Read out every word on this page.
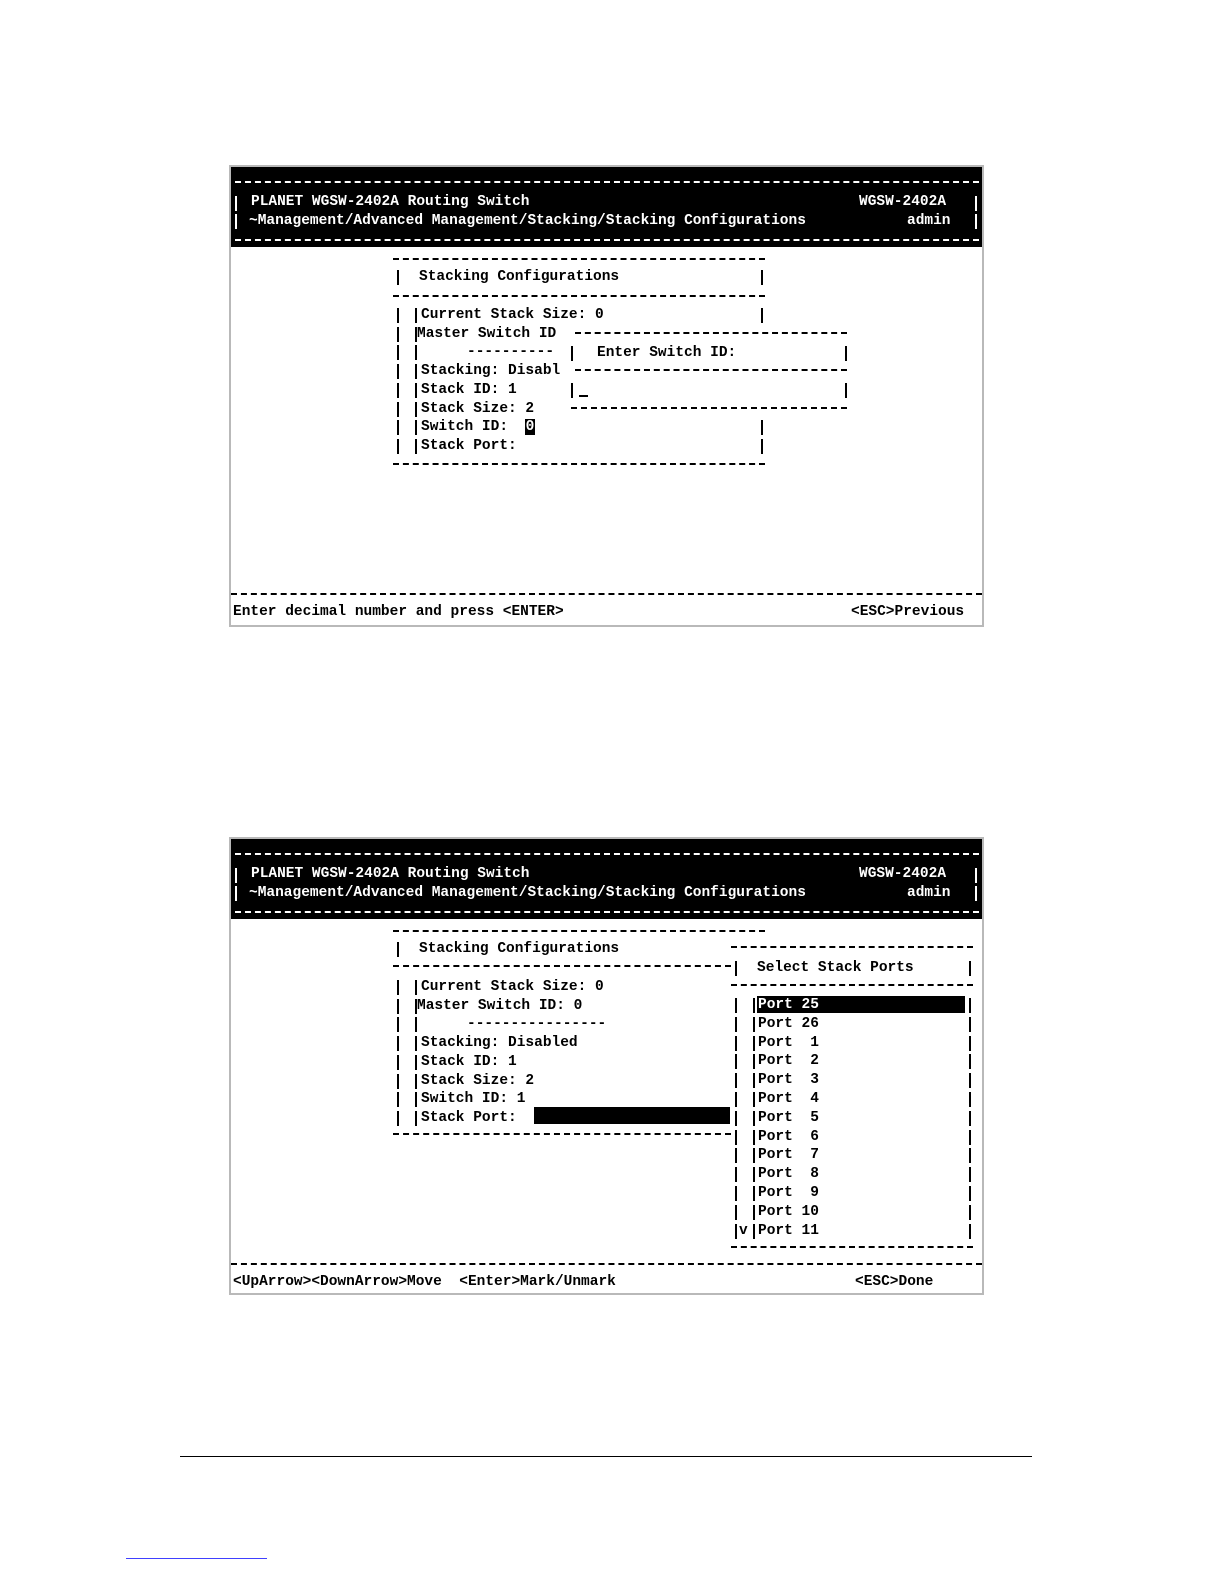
PLANET WGSW-2402A Routing Switch	WGSW-2402A
~Management/Advanced Management/Stacking/Stacking Configurations	admin
Stacking Configurations
Current Stack Size: 0
Master Switch ID
----------
Stacking: Disabl
Stack ID: 1
Stack Size: 2
Switch ID: 0
Stack Port:
Enter Switch ID:
Enter decimal number and press <ENTER>	<ESC>Previous
PLANET WGSW-2402A Routing Switch	WGSW-2402A
~Management/Advanced Management/Stacking/Stacking Configurations	admin
Stacking Configurations
Current Stack Size: 0
Master Switch ID: 0
----------------
Stacking: Disabled
Stack ID: 1
Stack Size: 2
Switch ID: 1
Stack Port:
Select Stack Ports
Port 25
Port 26
Port  1
Port  2
Port  3
Port  4
Port  5
Port  6
Port  7
Port  8
Port  9
Port 10
Port 11
v
<UpArrow><DownArrow>Move  <Enter>Mark/Unmark	<ESC>Done
